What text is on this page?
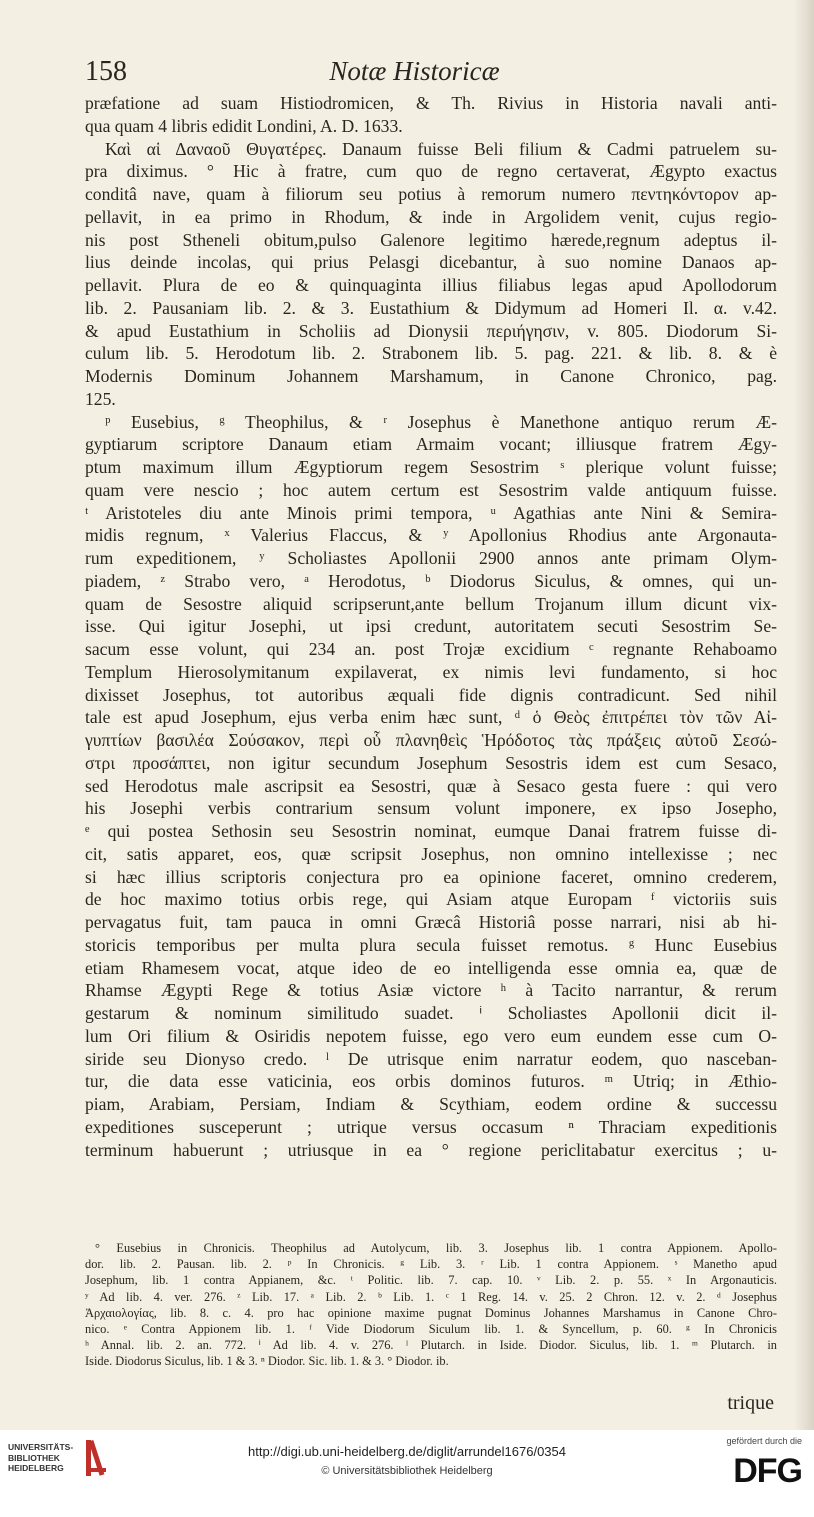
158	Notæ Historicæ
præfatione ad suam Histiodromicen, & Th. Rivius in Historia navali anti-
qua quam 4 libris edidit Londini, A. D. 1633.
Καὶ αἱ Δαναοῦ Θυγατέρες. Danaum fuisse Beli filium & Cadmi patruelem su-
pra diximus. ° Hic à fratre, cum quo de regno certaverat, Ægypto exactus
conditâ nave, quam à filiorum seu potius à remorum numero πεντηκόντορον ap-
pellavit, in ea primo in Rhodum, & inde in Argolidem venit, cujus regio-
nis post Stheneli obitum,pulso Galenore legitimo hærede,regnum adeptus il-
lius deinde incolas, qui prius Pelasgi dicebantur, à suo nomine Danaos ap-
pellavit. Plura de eo & quinquaginta illius filiabus legas apud Apollodorum
lib. 2. Pausaniam lib. 2. & 3. Eustathium & Didymum ad Homeri Il. α. v.42.
& apud Eustathium in Scholiis ad Dionysii περιήγησιν, v. 805. Diodorum Si-
culum lib. 5. Herodotum lib. 2. Strabonem lib. 5. pag. 221. & lib. 8. & è
Modernis Dominum Johannem Marshamum, in Canone Chronico, pag.
125.
ᵖ Eusebius, ᵍ Theophilus, & ʳ Josephus è Manethone antiquo rerum Æ-
gyptiarum scriptore Danaum etiam Armaim vocant; illiusque fratrem Ægy-
ptum maximum illum Ægyptiorum regem Sesostrim ˢ plerique volunt fuisse;
quam vere nescio ; hoc autem certum est Sesostrim valde antiquum fuisse.
ᵗ Aristoteles diu ante Minois primi tempora, ᵘ Agathias ante Nini & Semira-
midis regnum, ˣ Valerius Flaccus, & ʸ Apollonius Rhodius ante Argonauta-
rum expeditionem, ʸ Scholiastes Apollonii 2900 annos ante primam Olym-
piadem, ᶻ Strabo vero, ᵃ Herodotus, ᵇ Diodorus Siculus, & omnes, qui un-
quam de Sesostre aliquid scripserunt,ante bellum Trojanum illum dicunt vix-
isse. Qui igitur Josephi, ut ipsi credunt, autoritatem secuti Sesostrim Se-
sacum esse volunt, qui 234 an. post Trojæ excidium ᶜ regnante Rehaboamo
Templum Hierosolymitanum expilaverat, ex nimis levi fundamento, si hoc
dixisset Josephus, tot autoribus æquali fide dignis contradicunt. Sed nihil
tale est apud Josephum, ejus verba enim hæc sunt, ᵈ ὁ Θεὸς ἐπιτρέπει τὸν τῶν Αἰ-
γυπτίων βασιλέα Σούσακον, περὶ οὗ πλανηθεὶς Ἡρόδοτος τὰς πράξεις αὐτοῦ Σεσώ-
στρι προσάπτει, non igitur secundum Josephum Sesostris idem est cum Sesaco,
sed Herodotus male ascripsit ea Sesostri, quæ à Sesaco gesta fuere : qui vero
his Josephi verbis contrarium sensum volunt imponere, ex ipso Josepho,
ᵉ qui postea Sethosin seu Sesostrin nominat, eumque Danai fratrem fuisse di-
cit, satis apparet, eos, quæ scripsit Josephus, non omnino intellexisse ; nec
si hæc illius scriptoris conjectura pro ea opinione faceret, omnino crederem,
de hoc maximo totius orbis rege, qui Asiam atque Europam ᶠ victoriis suis
pervagatus fuit, tam pauca in omni Græcâ Historiâ posse narrari, nisi ab hi-
storicis temporibus per multa plura secula fuisset remotus. ᵍ Hunc Eusebius
etiam Rhamesem vocat, atque ideo de eo intelligenda esse omnia ea, quæ de
Rhamse Ægypti Rege & totius Asiæ victore ʰ à Tacito narrantur, & rerum
gestarum & nominum similitudo suadet. ⁱ Scholiastes Apollonii dicit il-
lum Ori filium & Osiridis nepotem fuisse, ego vero eum eundem esse cum O-
siride seu Dionyso credo. ˡ De utrisque enim narratur eodem, quo nasceban-
tur, die data esse vaticinia, eos orbis dominos futuros. ᵐ Utriq; in Æthio-
piam, Arabiam, Persiam, Indiam & Scythiam, eodem ordine & successu
expeditiones susceperunt ; utrique versus occasum ⁿ Thraciam expeditionis
terminum habuerunt ; utriusque in ea ° regione periclitabatur exercitus ; u-
° Eusebius in Chronicis. Theophilus ad Autolycum, lib. 3. Josephus lib. 1 contra Appionem. Apollo-
dor. lib. 2. Pausan. lib. 2. ᵖ In Chronicis. ᵍ Lib. 3. ʳ Lib. 1 contra Appionem. ˢ Manetho apud
Josephum, lib. 1 contra Appianem, &c. ᵗ Politic. lib. 7. cap. 10. ᵛ Lib. 2. p. 55. ˣ In Argonauticis.
ʸ Ad lib. 4. ver. 276. ᶻ Lib. 17. ᵃ Lib. 2. ᵇ Lib. 1. ᶜ 1 Reg. 14. v. 25. 2 Chron. 12. v. 2. ᵈ Josephus
Ἀρχαιολογίας, lib. 8. c. 4. pro hac opinione maxime pugnat Dominus Johannes Marshamus in Canone Chro-
nico. ᵉ Contra Appionem lib. 1. ᶠ Vide Diodorum Siculum lib. 1. & Syncellum, p. 60. ᵍ In Chronicis
ʰ Annal. lib. 2. an. 772. ⁱ Ad lib. 4. v. 276. ˡ Plutarch. in Iside. Diodor. Siculus, lib. 1. ᵐ Plutarch. in
Iside. Diodorus Siculus, lib. 1 & 3. ⁿ Diodor. Sic. lib. 1. & 3. ° Diodor. ib.
trique
UNIVERSITÄTS-
BIBLIOTHEK
HEIDELBERG
http://digi.ub.uni-heidelberg.de/diglit/arrundel1676/0354
© Universitätsbibliothek Heidelberg
gefördert durch die
DFG
